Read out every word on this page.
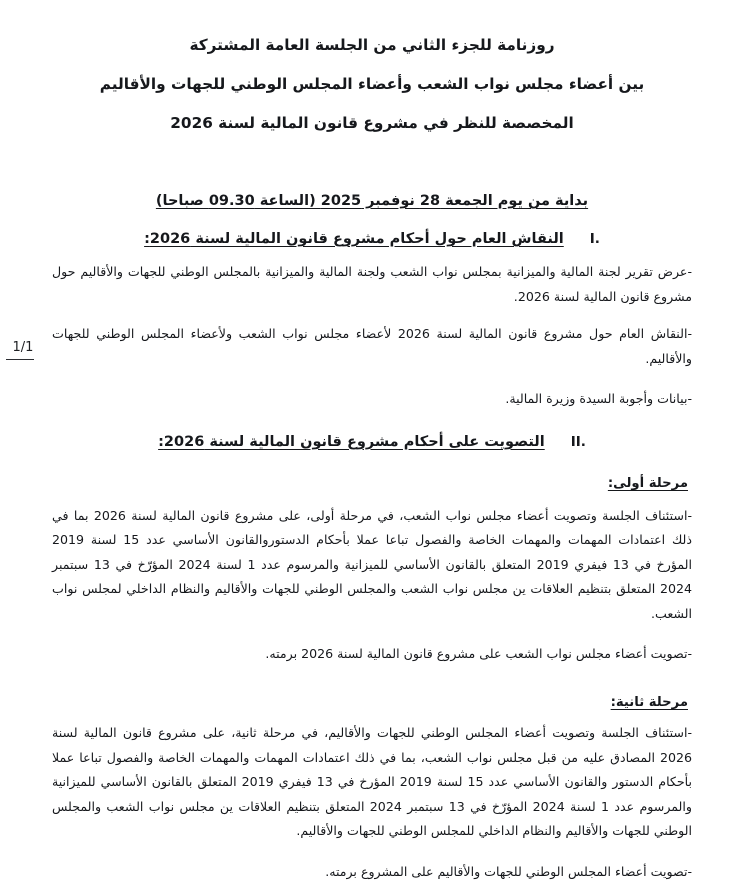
1/1
روزنامة للجزء الثاني من الجلسة العامة المشتركة
بين أعضاء مجلس نواب الشعب وأعضاء المجلس الوطني للجهات والأقاليم
المخصصة للنظر في مشروع قانون المالية لسنة 2026
بداية من يوم الجمعة 28 نوفمبر 2025 (الساعة 09.30 صباحا)
I.
النقاش العام حول أحكام مشروع قانون المالية لسنة 2026:
-عرض تقرير لجنة المالية والميزانية بمجلس نواب الشعب ولجنة المالية والميزانية بالمجلس الوطني للجهات والأقاليم حول مشروع قانون المالية لسنة 2026.
-النقاش العام حول مشروع قانون المالية لسنة 2026 لأعضاء مجلس نواب الشعب ولأعضاء المجلس الوطني للجهات والأقاليم.
-بيانات وأجوبة السيدة وزيرة المالية.
II.
التصويت على أحكام مشروع قانون المالية لسنة 2026:
مرحلة أولى:
-استئناف الجلسة وتصويت أعضاء مجلس نواب الشعب، في مرحلة أولى، على مشروع قانون المالية لسنة 2026 بما في ذلك اعتمادات المهمات والمهمات الخاصة والفصول تباعا عملا بأحكام الدستوروالقانون الأساسي عدد 15 لسنة 2019 المؤرخ في 13 فيفري 2019 المتعلق بالقانون الأساسي للميزانية والمرسوم عدد 1 لسنة 2024 المؤرّخ في 13 سبتمبر 2024 المتعلق بتنظيم العلاقات ين مجلس نواب الشعب والمجلس الوطني للجهات والأقاليم والنظام الداخلي لمجلس نواب الشعب.
-تصويت أعضاء مجلس نواب الشعب على مشروع قانون المالية لسنة 2026 برمته.
مرحلة ثانية:
-استئناف الجلسة وتصويت أعضاء المجلس الوطني للجهات والأقاليم، في مرحلة ثانية، على مشروع قانون المالية لسنة 2026 المصادق عليه من قبل مجلس نواب الشعب، بما في ذلك اعتمادات المهمات والمهمات الخاصة والفصول تباعا عملا بأحكام الدستور والقانون الأساسي عدد 15 لسنة 2019 المؤرخ في 13 فيفري 2019 المتعلق بالقانون الأساسي للميزانية والمرسوم عدد 1 لسنة 2024 المؤرّخ في 13 سبتمبر 2024 المتعلق بتنظيم العلاقات ين مجلس نواب الشعب والمجلس الوطني للجهات والأقاليم والنظام الداخلي للمجلس الوطني للجهات والأقاليم.
-تصويت أعضاء المجلس الوطني للجهات والأقاليم على المشروع برمته.
